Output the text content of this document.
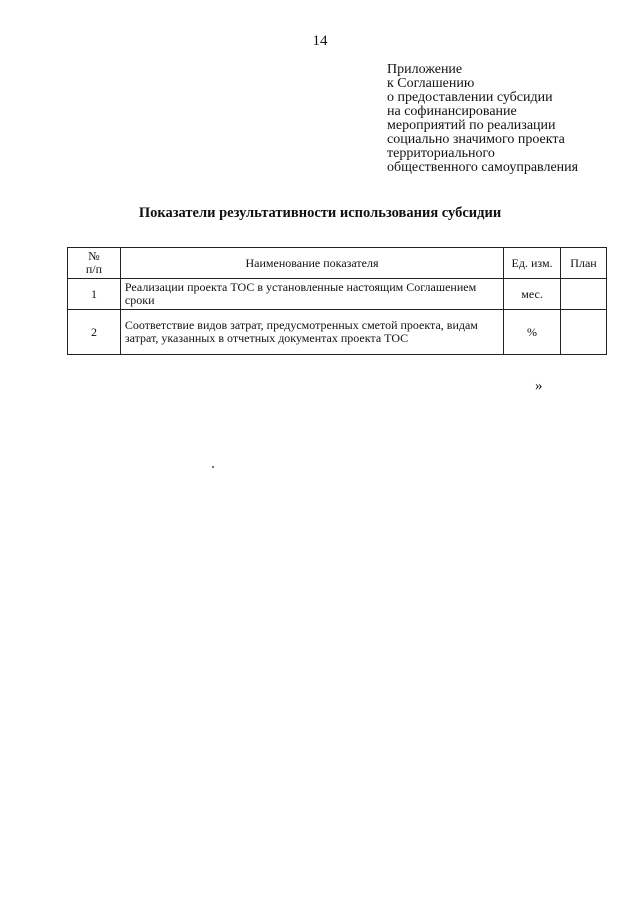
14
Приложение
к Соглашению
о предоставлении субсидии
на софинансирование
мероприятий по реализации
социально значимого проекта
территориального
общественного самоуправления
Показатели результативности использования субсидии
№
п/п	Наименование показателя	Ед. изм.	План
1	Реализации проекта ТОС в установленные настоящим Соглашением сроки	мес.	
2	Соответствие видов затрат, предусмотренных сметой проекта, видам затрат, указанных в отчетных документах проекта ТОС	%	
»
